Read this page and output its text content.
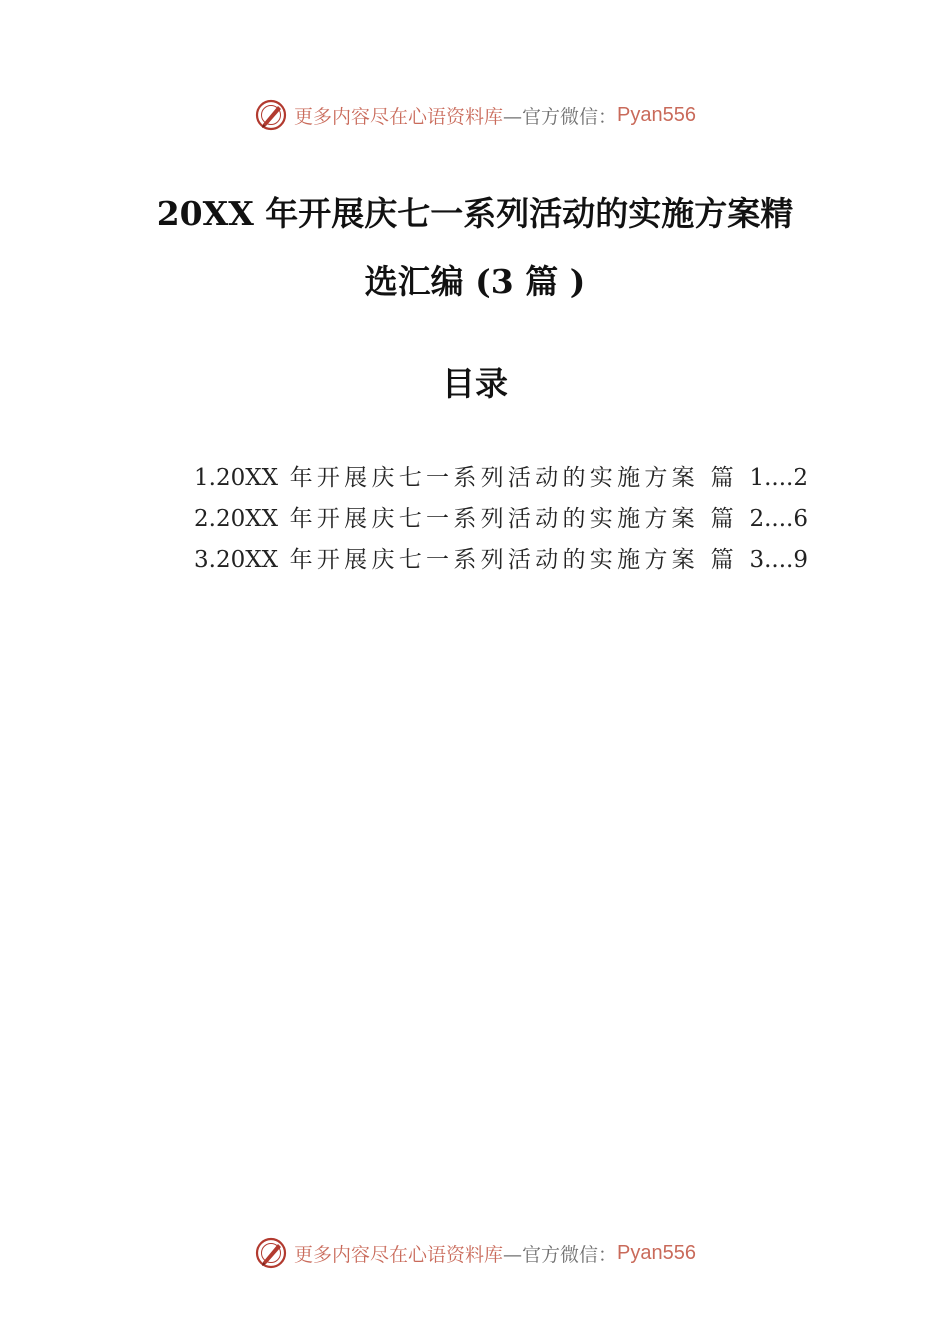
更多内容尽在心语资料库 —官方微信： Pyan556
20XX 年开展庆七一系列活动的实施方案精
选汇编 (3 篇 )
目录
1.20XX 年开展庆七一系列活动的实施方案 篇 1....2
2.20XX 年开展庆七一系列活动的实施方案 篇 2....6
3.20XX 年开展庆七一系列活动的实施方案 篇 3....9
更多内容尽在心语资料库 —官方微信： Pyan556
